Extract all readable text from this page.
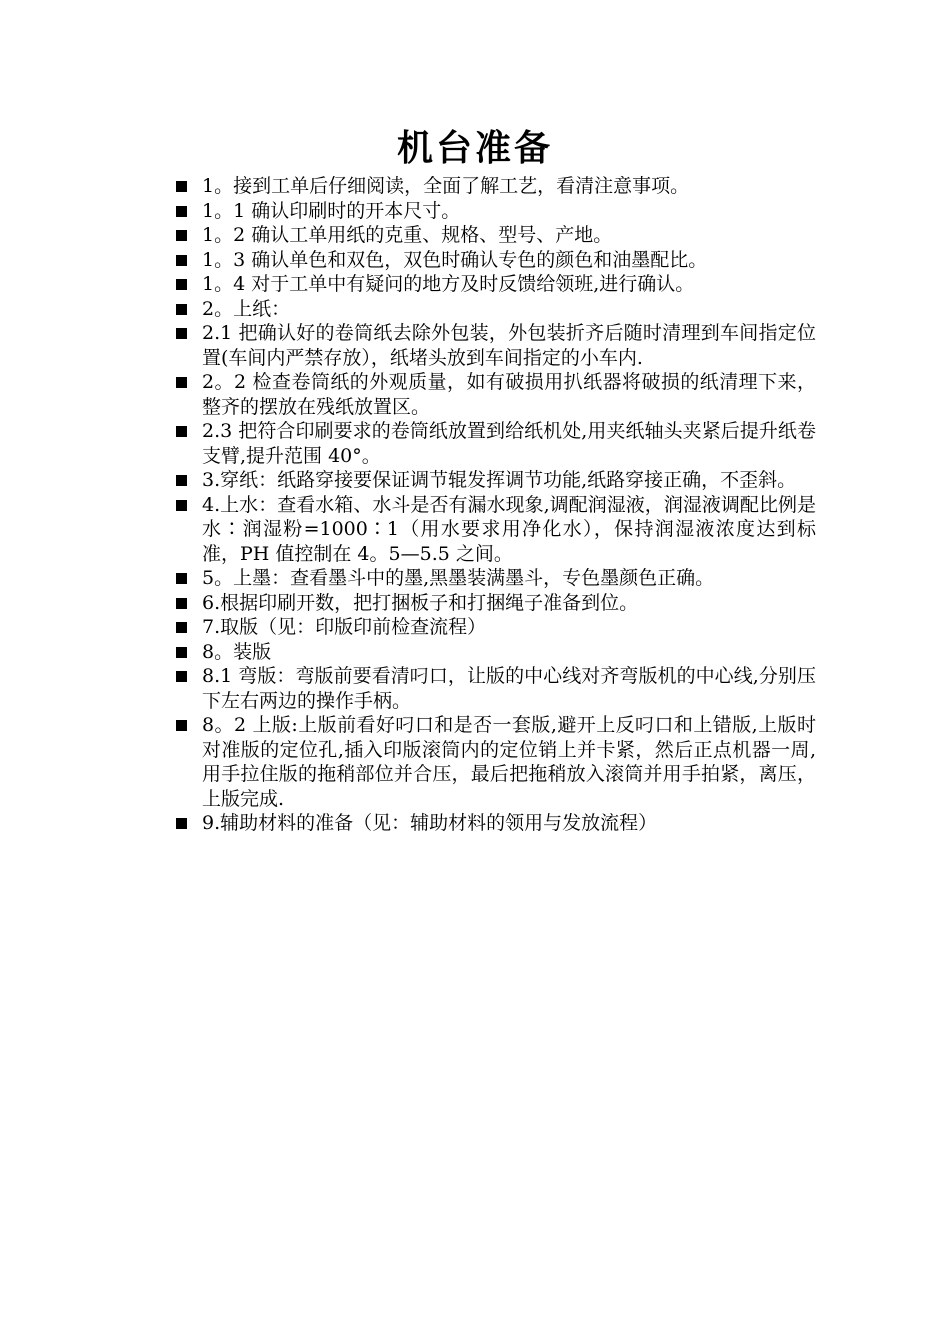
机台准备
1。接到工单后仔细阅读，全面了解工艺，看清注意事项。
1。1 确认印刷时的开本尺寸。
1。2 确认工单用纸的克重、规格、型号、产地。
1。3 确认单色和双色，双色时确认专色的颜色和油墨配比。
1。4 对于工单中有疑问的地方及时反馈给领班,进行确认。
2。上纸：
2.1 把确认好的卷筒纸去除外包装，外包装折齐后随时清理到车间指定位置(车间内严禁存放），纸堵头放到车间指定的小车内.
2。2 检查卷筒纸的外观质量，如有破损用扒纸器将破损的纸清理下来，整齐的摆放在残纸放置区。
2.3 把符合印刷要求的卷筒纸放置到给纸机处,用夹纸轴头夹紧后提升纸卷支臂,提升范围 40°。
3.穿纸：纸路穿接要保证调节辊发挥调节功能,纸路穿接正确，不歪斜。
4.上水：查看水箱、水斗是否有漏水现象,调配润湿液，润湿液调配比例是 水∶润湿粉=1000∶1（用水要求用净化水），保持润湿液浓度达到标准，PH 值控制在 4。5—5.5 之间。
5。上墨：查看墨斗中的墨,黑墨装满墨斗，专色墨颜色正确。
6.根据印刷开数，把打捆板子和打捆绳子准备到位。
7.取版（见：印版印前检查流程）
8。装版
8.1 弯版：弯版前要看清叼口，让版的中心线对齐弯版机的中心线,分别压下左右两边的操作手柄。
8。2 上版:上版前看好叼口和是否一套版,避开上反叼口和上错版,上版时对准版的定位孔,插入印版滚筒内的定位销上并卡紧，然后正点机器一周,用手拉住版的拖稍部位并合压，最后把拖稍放入滚筒并用手拍紧，离压，上版完成.
9.辅助材料的准备（见：辅助材料的领用与发放流程）
